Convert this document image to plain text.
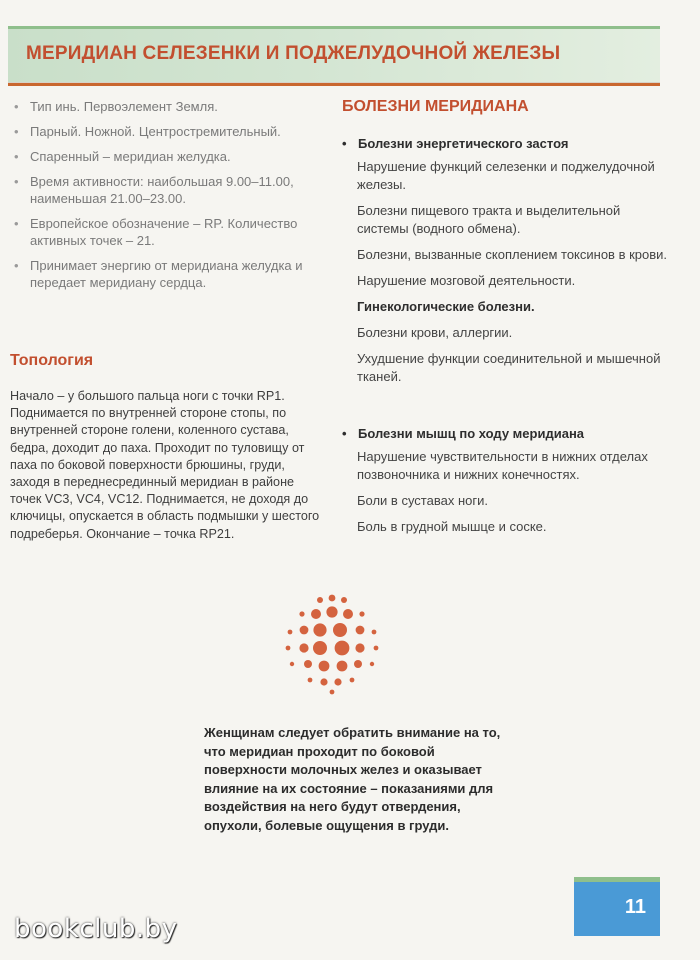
МЕРИДИАН СЕЛЕЗЕНКИ И ПОДЖЕЛУДОЧНОЙ ЖЕЛЕЗЫ
• Тип инь. Первоэлемент Земля.
• Парный. Ножной. Центростремительный.
• Спаренный – меридиан желудка.
• Время активности: наибольшая 9.00–11.00, наименьшая 21.00–23.00.
• Европейское обозначение – RP. Количество активных точек – 21.
• Принимает энергию от меридиана желудка и передает меридиану сердца.
Топология
Начало – у большого пальца ноги с точки RP1. Поднимается по внутренней стороне стопы, по внутренней стороне голени, коленного сустава, бедра, доходит до паха. Проходит по туловищу от паха по боковой поверхности брюшины, груди, заходя в переднесрединный меридиан в районе точек VC3, VC4, VC12. Поднимается, не доходя до ключицы, опускается в область подмышки у шестого подреберья. Окончание – точка RP21.
БОЛЕЗНИ МЕРИДИАНА
• Болезни энергетического застоя
Нарушение функций селезенки и поджелудочной железы.
Болезни пищевого тракта и выделительной системы (водного обмена).
Болезни, вызванные скоплением токсинов в крови.
Нарушение мозговой деятельности.
Гинекологические болезни.
Болезни крови, аллергии.
Ухудшение функции соединительной и мышечной тканей.
• Болезни мышц по ходу меридиана
Нарушение чувствительности в нижних отделах позвоночника и нижних конечностях.
Боли в суставах ноги.
Боль в грудной мышце и соске.
Женщинам следует обратить внимание на то, что меридиан проходит по боковой поверхности молочных желез и оказывает влияние на их состояние – показаниями для воздействия на него будут отвердения, опухоли, болевые ощущения в груди.
11
bookclub.by
